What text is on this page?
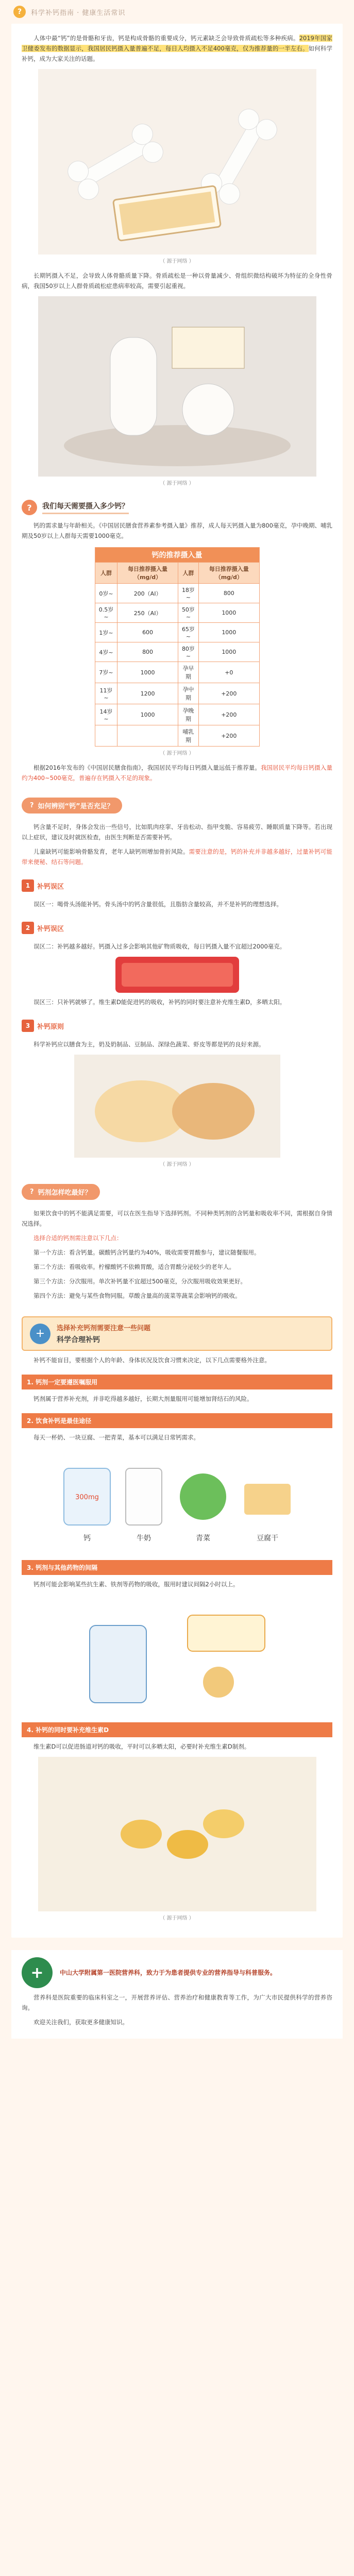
?	科学补钙指南 · 健康生活常识

人体中最“钙”的是骨骼和牙齿，钙是构成骨骼的重要成分，钙元素缺乏会导致骨质疏松等多种疾病。2019年国家卫健委发布的数据显示，我国居民钙摄入量普遍不足，每日人均摄入不足400毫克，仅为推荐量的一半左右。如何科学补钙，成为大家关注的话题。

（ 源于网络 ）

长期钙摄入不足，会导致人体骨骼质量下降。骨质疏松是一种以骨量减少、骨组织微结构破坏为特征的全身性骨病，我国50岁以上人群骨质疏松症患病率较高，需要引起重视。

（ 源于网络 ）
?	我们每天需要摄入多少钙？

钙的需求量与年龄相关。《中国居民膳食营养素参考摄入量》推荐，成人每天钙摄入量为800毫克，孕中晚期、哺乳期及50岁以上人群每天需要1000毫克。

钙的推荐摄入量			
人群	每日推荐摄入量（mg/d）	人群	每日推荐摄入量（mg/d）
0岁~	200（AI）	18岁~	800
0.5岁~	250（AI）	50岁~	1000
1岁~	600	65岁~	1000
4岁~	800	80岁~	1000
7岁~	1000	孕早期	+0
11岁~	1200	孕中期	+200
14岁~	1000	孕晚期	+200
		哺乳期	+200
（ 源于网络 ）

根据2016年发布的《中国居民膳食指南》，我国居民平均每日钙摄入量远低于推荐量。我国居民平均每日钙摄入量约为400~500毫克，普遍存在钙摄入不足的现象。

? 如何辨别“钙”是否充足？

钙含量不足时，身体会发出一些信号，比如肌肉痉挛、牙齿松动、指甲变脆、容易疲劳、睡眠质量下降等。若出现以上症状，建议及时就医检查，由医生判断是否需要补钙。

儿童缺钙可能影响骨骼发育，老年人缺钙则增加骨折风险。需要注意的是，钙的补充并非越多越好，过量补钙可能带来便秘、结石等问题。

1	补钙误区

误区一：喝骨头汤能补钙。骨头汤中的钙含量很低，且脂肪含量较高，并不是补钙的理想选择。

2	补钙误区

误区二：补钙越多越好。钙摄入过多会影响其他矿物质吸收，每日钙摄入量不宜超过2000毫克。

误区三：只补钙就够了。维生素D能促进钙的吸收，补钙的同时要注意补充维生素D，多晒太阳。

3	补钙原则

科学补钙应以膳食为主，奶及奶制品、豆制品、深绿色蔬菜、虾皮等都是钙的良好来源。

（ 源于网络 ）
? 钙剂怎样吃最好？

如果饮食中的钙不能满足需要，可以在医生指导下选择钙剂。不同种类钙剂的含钙量和吸收率不同，需根据自身情况选择。

选择合适的钙剂需注意以下几点：

第一个方法：看含钙量。碳酸钙含钙量约为40%，吸收需要胃酸参与，建议随餐服用。

第二个方法：看吸收率。柠檬酸钙不依赖胃酸，适合胃酸分泌较少的老年人。

第三个方法：分次服用。单次补钙量不宜超过500毫克，分次服用吸收效果更好。

第四个方法：避免与某些食物同服。草酸含量高的菠菜等蔬菜会影响钙的吸收。

+	选择补充钙剂需要注意一些问题
科学合理补钙

补钙不能盲目，要根据个人的年龄、身体状况及饮食习惯来决定，以下几点需要格外注意。

1. 钙剂一定要遵医嘱服用

钙剂属于营养补充剂，并非吃得越多越好，长期大剂量服用可能增加肾结石的风险。

2. 饮食补钙是最佳途径

每天一杯奶、一块豆腐、一把青菜，基本可以满足日常钙需求。

钙	牛奶	青菜	豆腐干
300mg
3. 钙剂与其他药物的间隔

钙剂可能会影响某些抗生素、铁剂等药物的吸收，服用时建议间隔2小时以上。

4. 补钙的同时要补充维生素D

维生素D可以促进肠道对钙的吸收，平时可以多晒太阳，必要时补充维生素D制剂。

（ 源于网络 ）
+	中山大学附属第一医院营养科，致力于为患者提供专业的营养指导与科普服务。

营养科是医院重要的临床科室之一，开展营养评估、营养治疗和健康教育等工作，为广大市民提供科学的营养咨询。

欢迎关注我们，获取更多健康知识。
